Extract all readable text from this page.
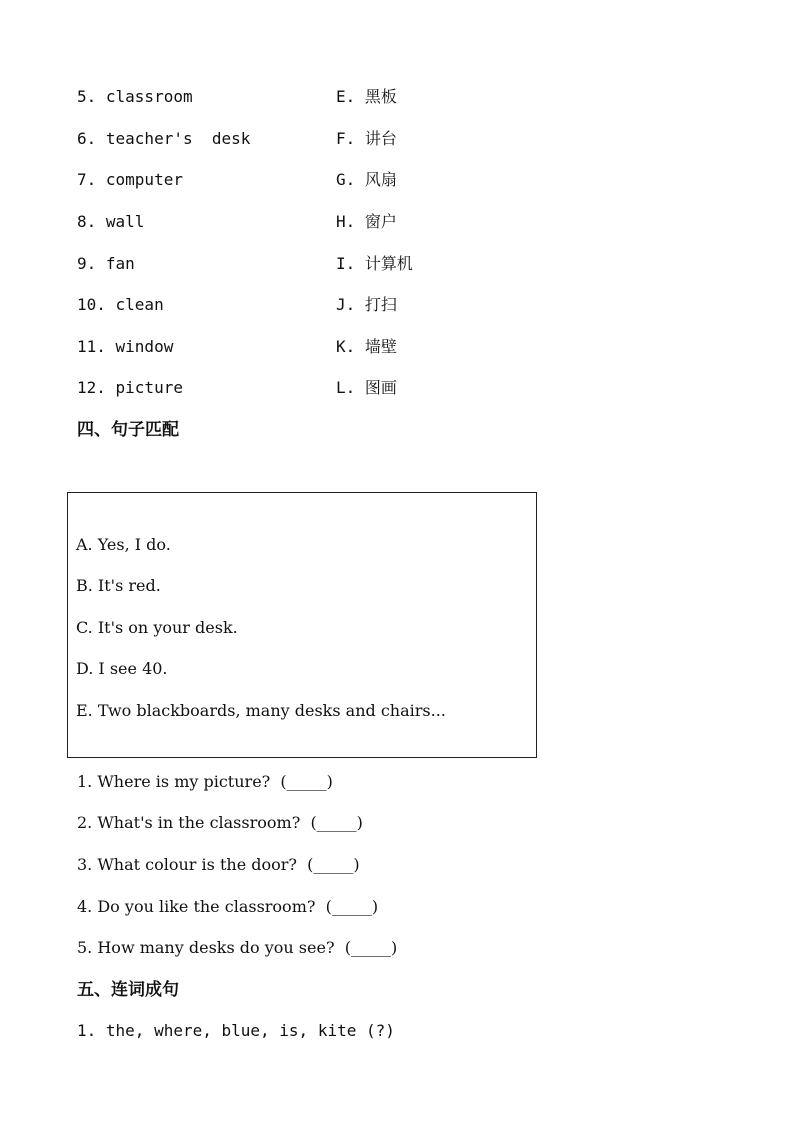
5. classroom	E. 黑板
6. teacher's  desk	F. 讲台
7. computer	G. 风扇
8. wall	H. 窗户
9. fan	I. 计算机
10. clean	J. 打扫
11. window	K. 墙壁
12. picture	L. 图画
四、句子匹配
A. Yes, I do.
B. It's red.
C. It's on your desk.
D. I see 40.
E. Two blackboards, many desks and chairs...
1. Where is my picture?  (_____)
2. What's in the classroom?  (_____)
3. What colour is the door?  (_____)
4. Do you like the classroom?  (_____)
5. How many desks do you see?  (_____)
五、连词成句
1. the, where, blue, is, kite (?)
